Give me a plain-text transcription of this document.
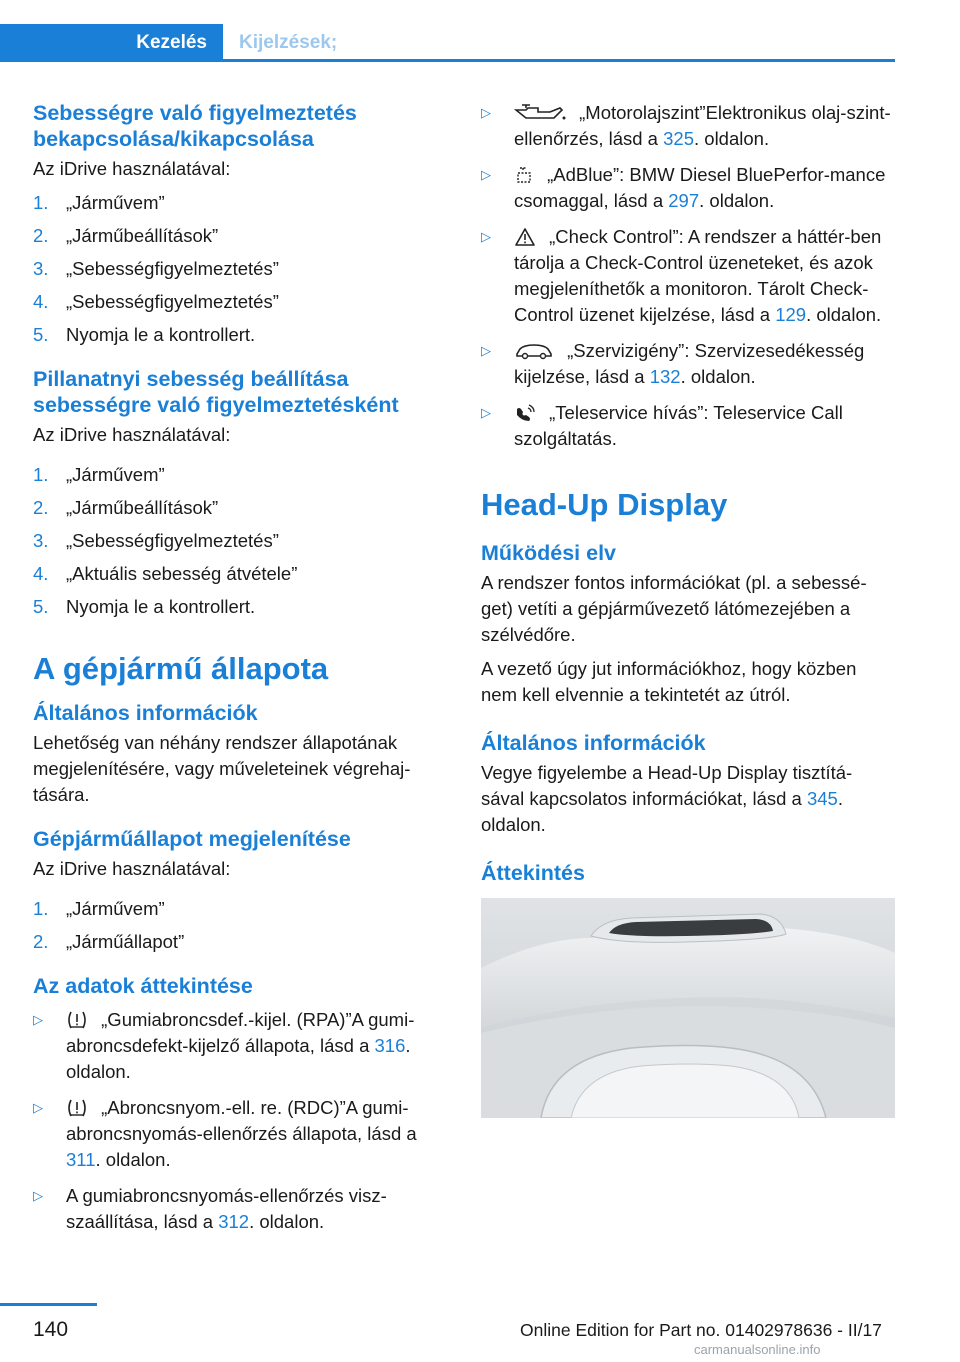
Kezelés	Kijelzések;
Sebességre való figyelmeztetés bekapcsolása/kikapcsolása

Az iDrive használatával:

1. „Járművem”
2. „Járműbeállítások”
3. „Sebességfigyelmeztetés”
4. „Sebességfigyelmeztetés”
5. Nyomja le a kontrollert.
Pillanatnyi sebesség beállítása sebességre való figyelmeztetésként

Az iDrive használatával:

1. „Járművem”
2. „Járműbeállítások”
3. „Sebességfigyelmeztetés”
4. „Aktuális sebesség átvétele”
5. Nyomja le a kontrollert.
A gépjármű állapota
Általános információk

Lehetőség van néhány rendszer állapotának megjelenítésére, vagy műveleteinek végrehaj-tására.

Gépjárműállapot megjelenítése

Az iDrive használatával:

1. „Járművem”
2. „Járműállapot”
Az adatok áttekintése
▷	„Gumiabroncsdef.-kijel. (RPA)”A gumi-abroncsdefekt-kijelző állapota, lásd a 316. oldalon.
▷	„Abroncsnyom.-ell. re. (RDC)”A gumi-abroncsnyomás-ellenőrzés állapota, lásd a 311. oldalon.
▷	A gumiabroncsnyomás-ellenőrzés visz-szaállítása, lásd a 312. oldalon.
▷	„Motorolajszint”Elektronikus olaj-szint-ellenőrzés, lásd a 325. oldalon.
▷	„AdBlue”: BMW Diesel BluePerfor-mance csomaggal, lásd a 297. oldalon.
▷	„Check Control”: A rendszer a háttér-ben tárolja a Check-Control üzeneteket, és azok megjeleníthetők a monitoron. Tárolt Check-Control üzenet kijelzése, lásd a 129. oldalon.
▷	„Szervizigény”: Szervizesedékesség kijelzése, lásd a 132. oldalon.
▷	„Teleservice hívás”: Teleservice Call szolgáltatás.
Head-Up Display
Működési elv

A rendszer fontos információkat (pl. a sebessé-get) vetíti a gépjárművezető látómezejében a szélvédőre.

A vezető úgy jut információkhoz, hogy közben nem kell elvennie a tekintetét az útról.

Általános információk

Vegye figyelembe a Head-Up Display tisztítá-sával kapcsolatos információkat, lásd a 345. oldalon.

Áttekintés
140	Online Edition for Part no. 01402978636 - II/17
carmanualsonline.info
